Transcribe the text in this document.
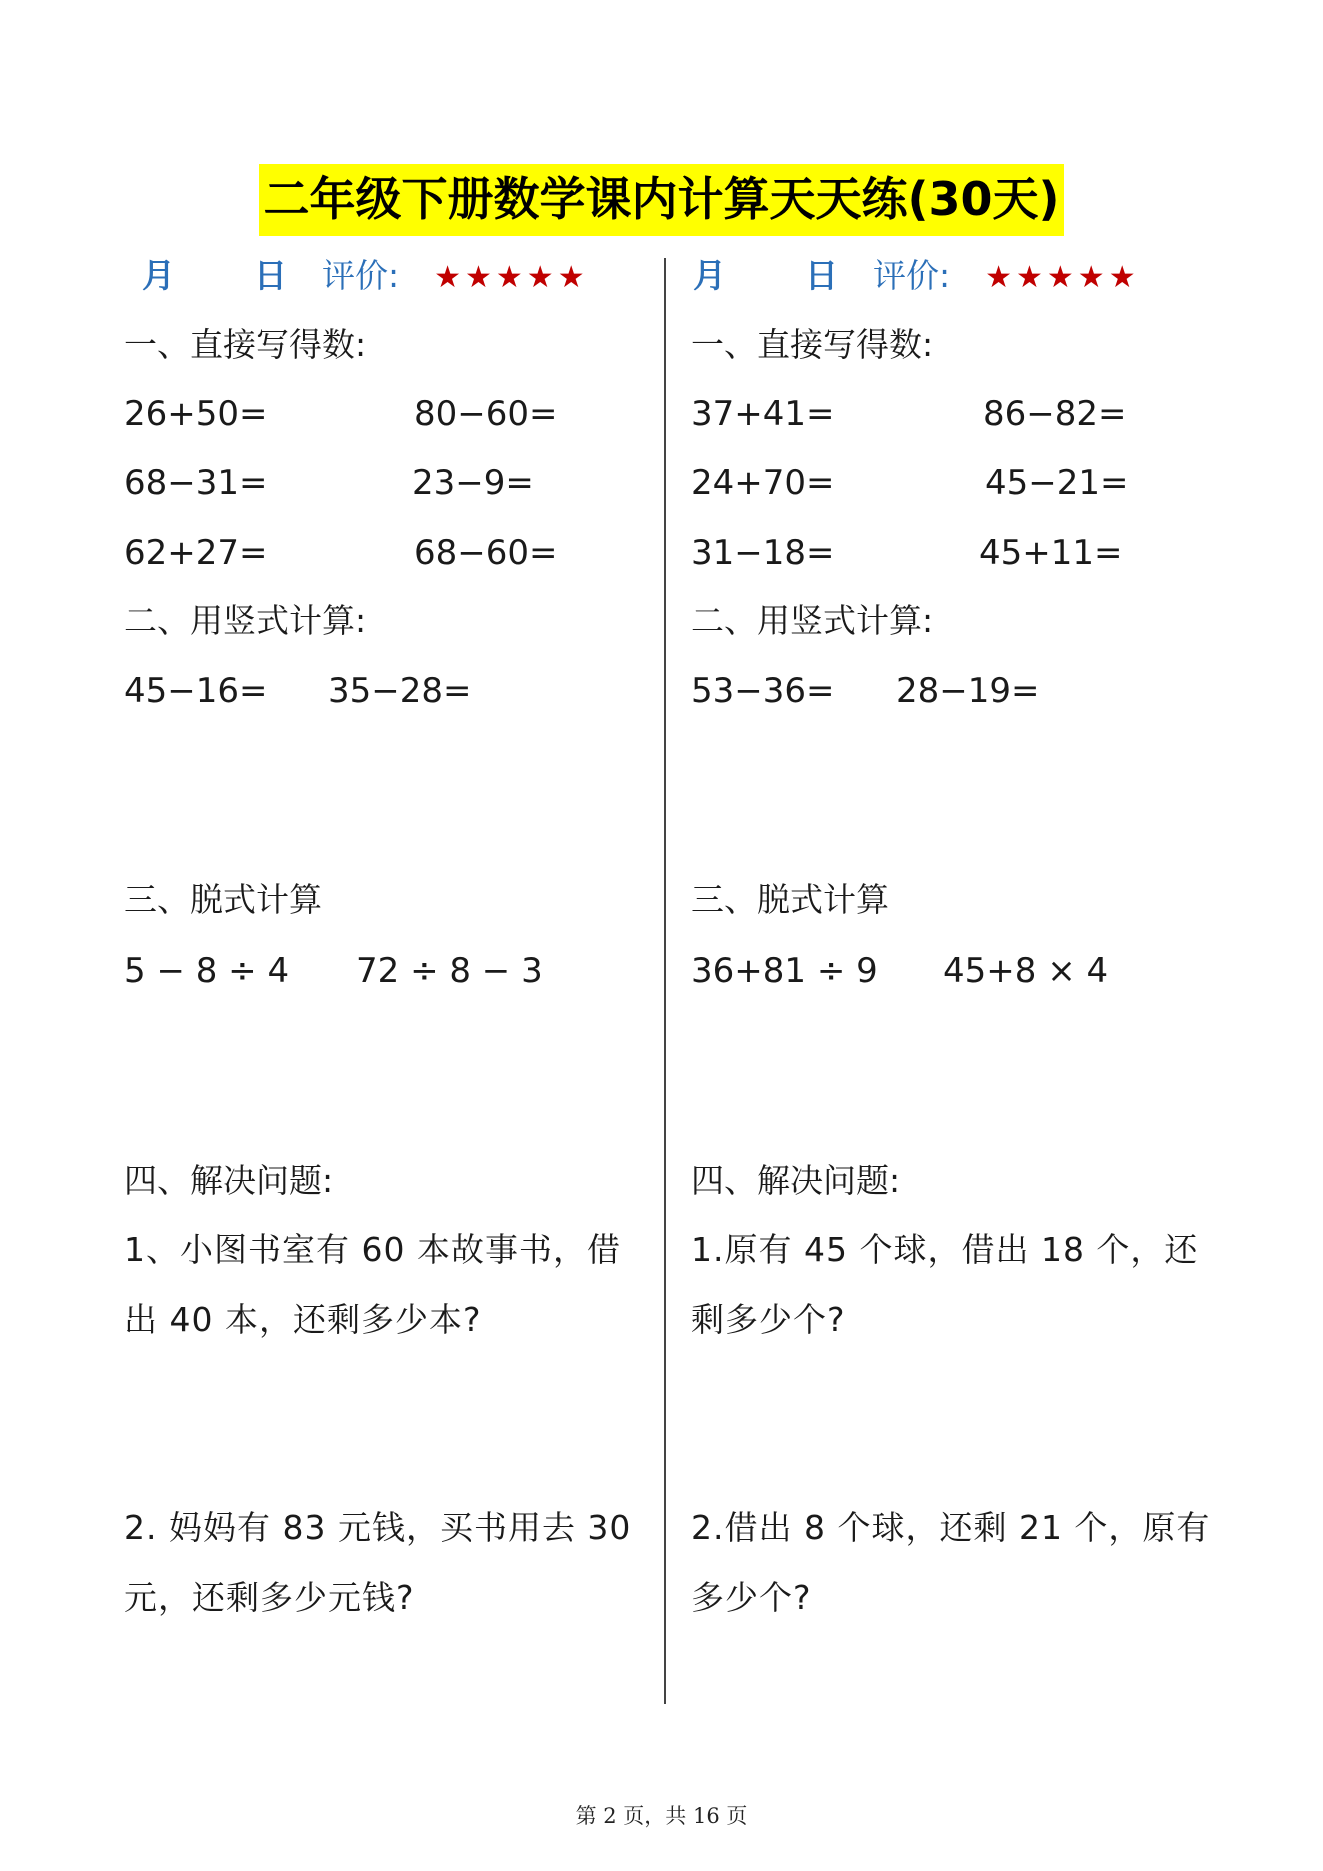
二年级下册数学课内计算天天练(30天)
月 日 评价: ★★★★★
一、直接写得数:
26+50=	80−60=
68−31=	23−9=
62+27=	68−60=
二、用竖式计算:
45−16= 35−28=
三、脱式计算
5 − 8 ÷ 4 72 ÷ 8 − 3
四、解决问题:
1、小图书室有 60 本故事书，借
出 40 本，还剩多少本?
2. 妈妈有 83 元钱，买书用去 30
元，还剩多少元钱?
月 日 评价: ★★★★★
一、直接写得数:
37+41=	86−82=
24+70=	45−21=
31−18=	45+11=
二、用竖式计算:
53−36= 28−19=
三、脱式计算
36+81 ÷ 9 45+8 × 4
四、解决问题:
1.原有 45 个球，借出 18 个，还
剩多少个?
2.借出 8 个球，还剩 21 个，原有
多少个?
第 2 页，共 16 页
